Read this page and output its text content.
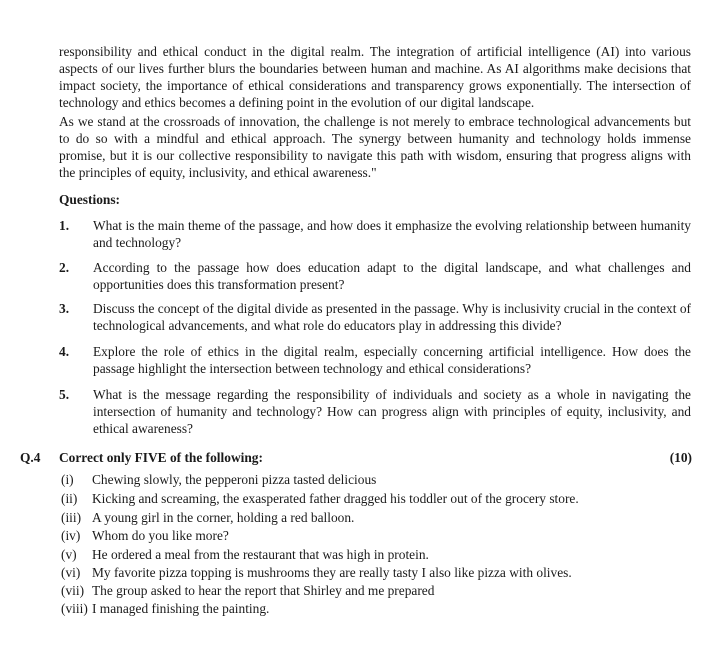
responsibility and ethical conduct in the digital realm. The integration of artificial intelligence (AI) into various aspects of our lives further blurs the boundaries between human and machine. As AI algorithms make decisions that impact society, the importance of ethical considerations and transparency grows exponentially. The intersection of technology and ethics becomes a defining point in the evolution of our digital landscape.
As we stand at the crossroads of innovation, the challenge is not merely to embrace technological advancements but to do so with a mindful and ethical approach. The synergy between humanity and technology holds immense promise, but it is our collective responsibility to navigate this path with wisdom, ensuring that progress aligns with the principles of equity, inclusivity, and ethical awareness."
Questions:
1. What is the main theme of the passage, and how does it emphasize the evolving relationship between humanity and technology?
2. According to the passage how does education adapt to the digital landscape, and what challenges and opportunities does this transformation present?
3. Discuss the concept of the digital divide as presented in the passage. Why is inclusivity crucial in the context of technological advancements, and what role do educators play in addressing this divide?
4. Explore the role of ethics in the digital realm, especially concerning artificial intelligence. How does the passage highlight the intersection between technology and ethical considerations?
5. What is the message regarding the responsibility of individuals and society as a whole in navigating the intersection of humanity and technology? How can progress align with principles of equity, inclusivity, and ethical awareness?
Q.4 Correct only FIVE of the following:	(10)
(i) Chewing slowly, the pepperoni pizza tasted delicious
(ii) Kicking and screaming, the exasperated father dragged his toddler out of the grocery store.
(iii) A young girl in the corner, holding a red balloon.
(iv) Whom do you like more?
(v) He ordered a meal from the restaurant that was high in protein.
(vi) My favorite pizza topping is mushrooms they are really tasty I also like pizza with olives.
(vii) The group asked to hear the report that Shirley and me prepared
(viii) I managed finishing the painting.
